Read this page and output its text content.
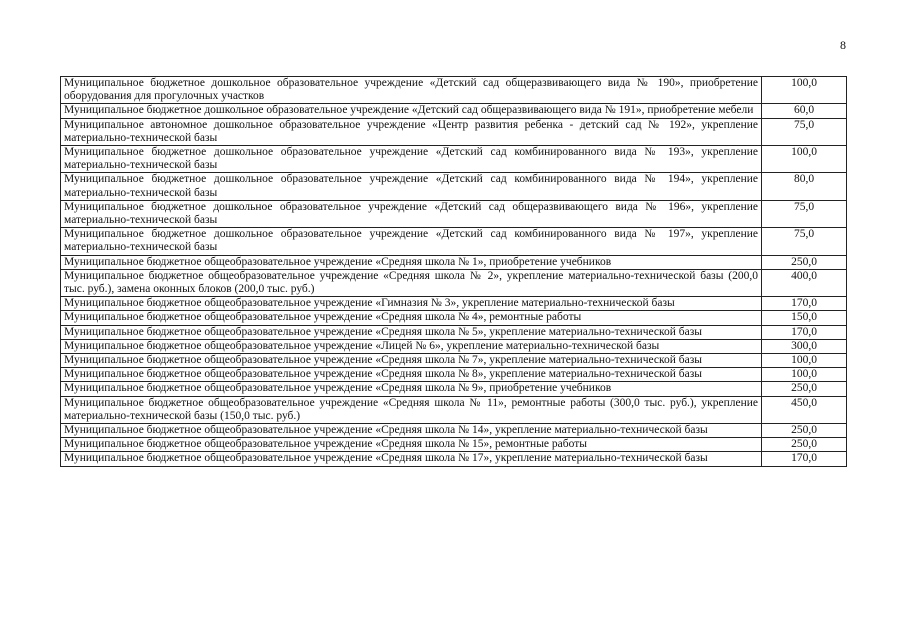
8
Муниципальное бюджетное дошкольное образовательное учреждение «Детский сад общеразвивающего вида № 190», приобретение оборудования для прогулочных участков	100,0
Муниципальное бюджетное дошкольное образовательное учреждение «Детский сад общеразвивающего вида № 191», приобретение мебели	60,0
Муниципальное автономное дошкольное образовательное учреждение «Центр развития ребенка - детский сад № 192», укрепление материально-технической базы	75,0
Муниципальное бюджетное дошкольное образовательное учреждение «Детский сад комбинированного вида № 193», укрепление материально-технической базы	100,0
Муниципальное бюджетное дошкольное образовательное учреждение «Детский сад комбинированного вида № 194», укрепление материально-технической базы	80,0
Муниципальное бюджетное дошкольное образовательное учреждение «Детский сад общеразвивающего вида № 196», укрепление материально-технической базы	75,0
Муниципальное бюджетное дошкольное образовательное учреждение «Детский сад комбинированного вида № 197», укрепление материально-технической базы	75,0
Муниципальное бюджетное общеобразовательное учреждение «Средняя школа № 1», приобретение учебников	250,0
Муниципальное бюджетное общеобразовательное учреждение «Средняя школа № 2», укрепление материально-технической базы (200,0 тыс. руб.), замена оконных блоков (200,0 тыс. руб.)	400,0
Муниципальное бюджетное общеобразовательное учреждение «Гимназия № 3», укрепление материально-технической базы	170,0
Муниципальное бюджетное общеобразовательное учреждение «Средняя школа № 4», ремонтные работы	150,0
Муниципальное бюджетное общеобразовательное учреждение «Средняя школа № 5», укрепление материально-технической базы	170,0
Муниципальное бюджетное общеобразовательное учреждение «Лицей № 6», укрепление материально-технической базы	300,0
Муниципальное бюджетное общеобразовательное учреждение «Средняя школа № 7», укрепление материально-технической базы	100,0
Муниципальное бюджетное общеобразовательное учреждение «Средняя школа № 8», укрепление материально-технической базы	100,0
Муниципальное бюджетное общеобразовательное учреждение «Средняя школа № 9», приобретение учебников	250,0
Муниципальное бюджетное общеобразовательное учреждение «Средняя школа № 11», ремонтные работы (300,0 тыс. руб.), укрепление материально-технической базы (150,0 тыс. руб.)	450,0
Муниципальное бюджетное общеобразовательное учреждение «Средняя школа № 14», укрепление материально-технической базы	250,0
Муниципальное бюджетное общеобразовательное учреждение «Средняя школа № 15», ремонтные работы	250,0
Муниципальное бюджетное общеобразовательное учреждение «Средняя школа № 17», укрепление материально-технической базы	170,0
